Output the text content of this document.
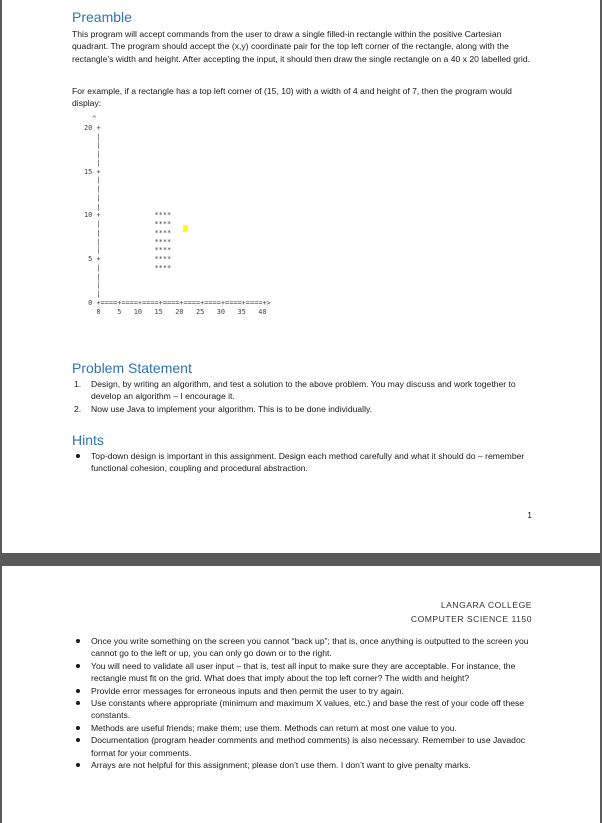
Preamble

This program will accept commands from the user to draw a single filled-in rectangle within the positive Cartesian quadrant. The program should accept the (x,y) coordinate pair for the top left corner of the rectangle, along with the rectangle’s width and height. After accepting the input, it should then draw the single rectangle on a 40 x 20 labelled grid.

For example, if a rectangle has a top left corner of (15, 10) with a width of 4 and height of 7, then the program would display:

^
20 +
|
|
|
|
15 +
|
|
|
|
10 +             ****
|             ****
|             ****
|             ****
|             ****
5 +             ****
|             ****
|
|
|
0 +====+====+====+====+====+====+====+====+>
0    5   10   15   20   25   30   35   40
Problem Statement
1. Design, by writing an algorithm, and test a solution to the above problem. You may discuss and work together to develop an algorithm – I encourage it.
2. Now use Java to implement your algorithm. This is to be done individually.
Hints
Top-down design is important in this assignment. Design each method carefully and what it should do – remember functional cohesion, coupling and procedural abstraction.
1
LANGARA COLLEGE
COMPUTER SCIENCE 1150
Once you write something on the screen you cannot “back up”; that is, once anything is outputted to the screen you cannot go to the left or up, you can only go down or to the right.
You will need to validate all user input – that is, test all input to make sure they are acceptable. For instance, the rectangle must fit on the grid. What does that imply about the top left corner? The width and height?
Provide error messages for erroneous inputs and then permit the user to try again.
Use constants where appropriate (minimum and maximum X values, etc.) and base the rest of your code off these constants.
Methods are useful friends; make them; use them. Methods can return at most one value to you.
Documentation (program header comments and method comments) is also necessary. Remember to use Javadoc format for your comments.
Arrays are not helpful for this assignment; please don’t use them. I don’t want to give penalty marks.
